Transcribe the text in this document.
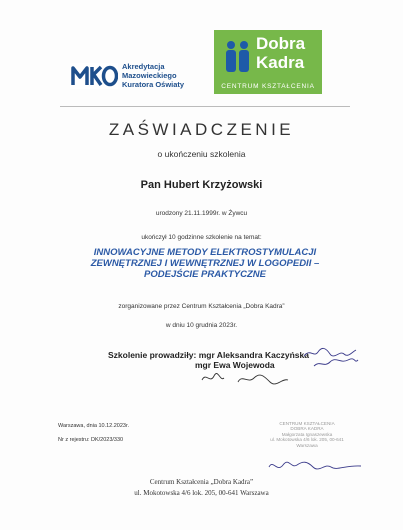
Akredytacja
Mazowieckiego
Kuratora Oświaty
Dobra
Kadra
CENTRUM KSZTAŁCENIA
ZAŚWIADCZENIE
o ukończeniu szkolenia
Pan Hubert Krzyżowski
urodzony 21.11.1999r. w Żywcu
ukończył 10 godzinne szkolenie na temat:
INNOWACYJNE METODY ELEKTROSTYMULACJI
ZEWNĘTRZNEJ I WEWNĘTRZNEJ W LOGOPEDII –
PODEJŚCIE PRAKTYCZNE
zorganizowane przez Centrum Kształcenia „Dobra Kadra”
w dniu 10 grudnia 2023r.
Szkolenie prowadziły: mgr Aleksandra Kaczyńska
mgr Ewa Wojewoda
Warszawa, dnia 10.12.2023r.
Nr z rejestru: DK/2023/330
CENTRUM KSZTAŁCENIA
DOBRA KADRA
Małgorzata Ignaszewska
ul. Mokotowska 4/6 lok. 205, 00-641 Warszawa
Centrum Kształcenia „Dobra Kadra”
ul. Mokotowska 4/6 lok. 205, 00-641 Warszawa
